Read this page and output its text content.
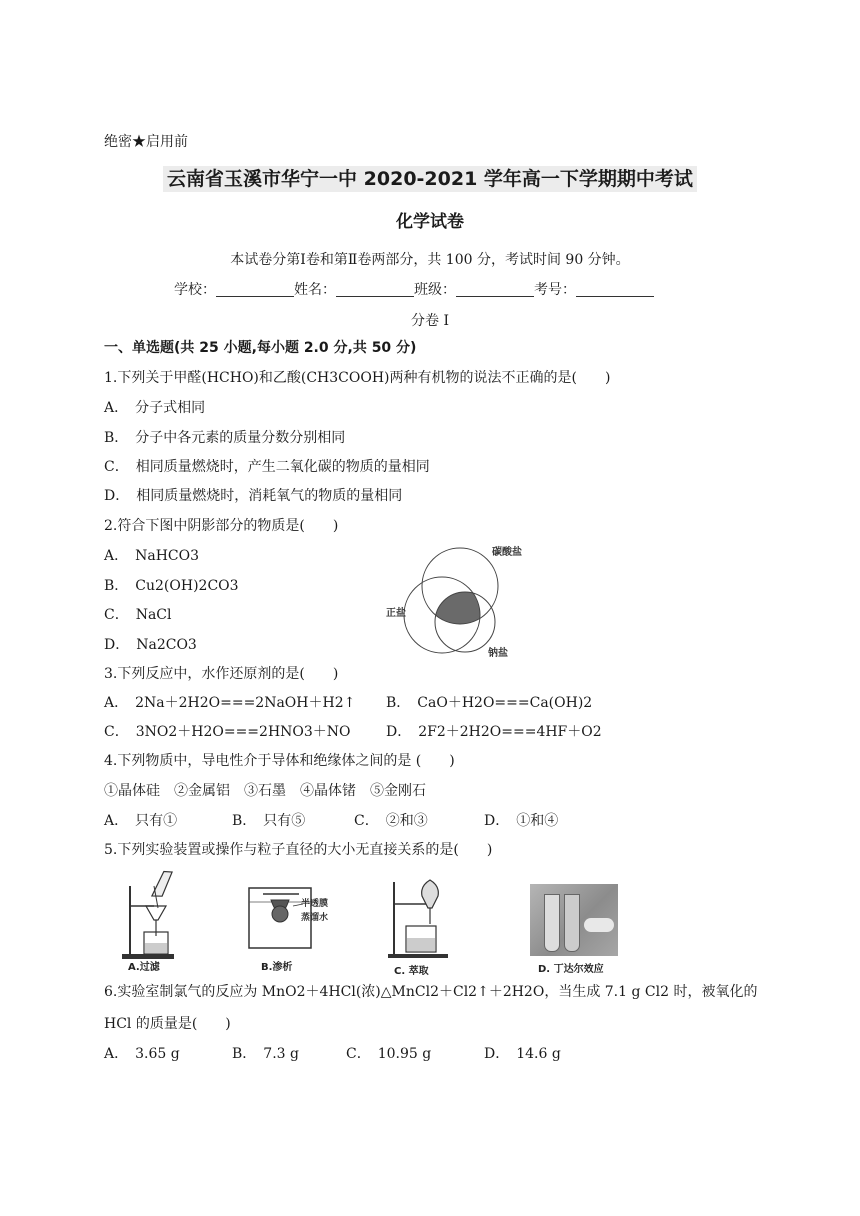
绝密★启用前
云南省玉溪市华宁一中 2020-2021 学年高一下学期期中考试
化学试卷
本试卷分第Ⅰ卷和第Ⅱ卷两部分，共 100 分，考试时间 90 分钟。
学校：	姓名：	班级：	考号：
分卷 I
一、单选题(共 25 小题,每小题 2.0 分,共 50 分)
1.下列关于甲醛(HCHO)和乙酸(CH3COOH)两种有机物的说法不正确的是(　　)
A．　分子式相同
B．　分子中各元素的质量分数分别相同
C．　相同质量燃烧时，产生二氧化碳的物质的量相同
D．　相同质量燃烧时，消耗氧气的物质的量相同
2.符合下图中阴影部分的物质是(　　)
A．　NaHCO3
B．　Cu2(OH)2CO3
C．　NaCl
D．　Na2CO3
碳酸盐
正盐
钠盐
3.下列反应中，水作还原剂的是(　　)
A．　2Na＋2H2O===2NaOH＋H2↑ B．　CaO＋H2O===Ca(OH)2
C．　3NO2＋H2O===2HNO3＋NO	D．　2F2＋2H2O===4HF＋O2
4.下列物质中，导电性介于导体和绝缘体之间的是 (　　)
①晶体硅　②金属铝　③石墨　④晶体锗　⑤金刚石
A．　只有①	B．　只有⑤	C．　②和③	D．　①和④
5.下列实验装置或操作与粒子直径的大小无直接关系的是(　　)
A.过滤
半透膜
蒸馏水
B.渗析	C. 萃取	D. 丁达尔效应
6.实验室制氯气的反应为 MnO2＋4HCl(浓)△MnCl2＋Cl2↑＋2H2O，当生成 7.1 g Cl2 时，被氧化的
HCl 的质量是(　　)
A．　3.65 g	B．　7.3 g	C．　10.95 g	D．　14.6 g
